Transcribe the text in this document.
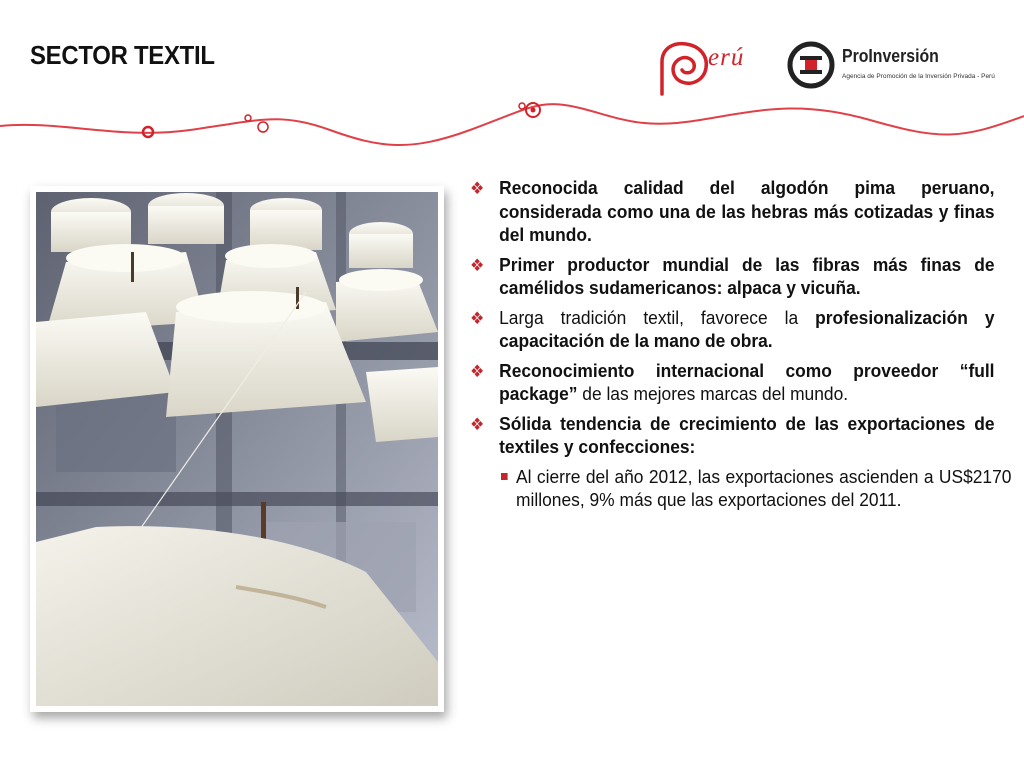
SECTOR TEXTIL	erú	ProInversión
Agencia de Promoción de la Inversión Privada - Perú
❖ Reconocida calidad del algodón pima peruano, considerada como una de las hebras más cotizadas y finas del mundo.
❖ Primer productor mundial de las fibras más finas de camélidos sudamericanos: alpaca y vicuña.
❖ Larga tradición textil, favorece la profesionalización y capacitación de la mano de obra.
❖ Reconocimiento internacional como proveedor “full package” de las mejores marcas del mundo.
❖ Sólida tendencia de crecimiento de las exportaciones de textiles y confecciones:
Al cierre del año 2012, las exportaciones ascienden a US$2170 millones, 9% más que las exportaciones del 2011.
